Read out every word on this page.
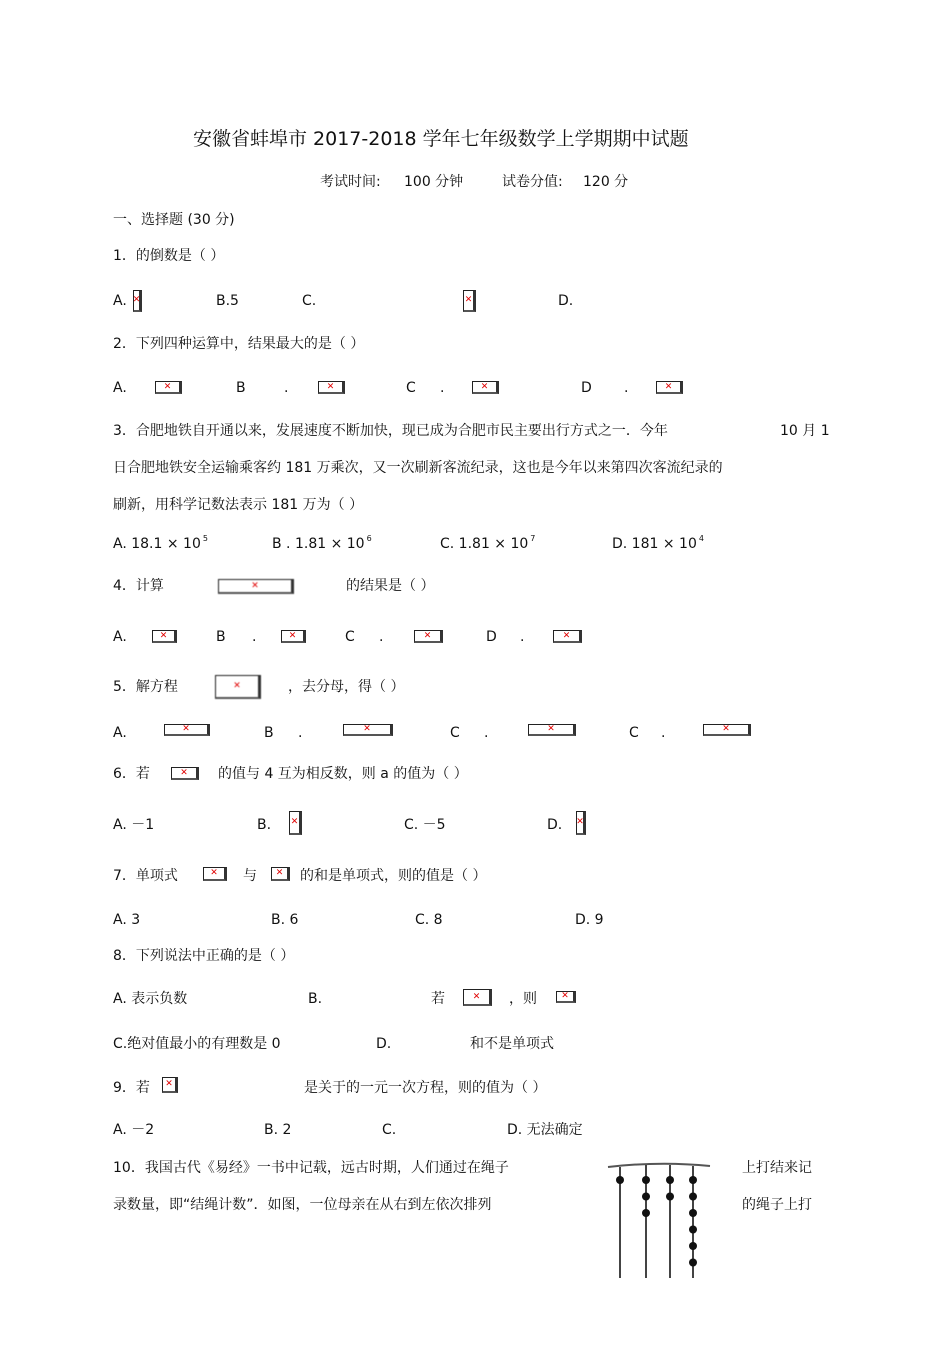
安徽省蚌埠市 2017-2018 学年七年级数学上学期期中试题
考试时间: 100 分钟	试卷分值: 120 分
一、选择题 (30 分)
1．的倒数是（ ）
A. ✕	B.5	C. ✕	D.
2．下列四种运算中，结果最大的是（ ）
A. ✕	B	. ✕	C . ✕	D .
✕
3．合肥地铁自开通以来，发展速度不断加快，现已成为合肥市民主要出行方式之一．今年	10 月 1
日合肥地铁安全运输乘客约 181 万乘次，又一次刷新客流纪录，这也是今年以来第四次客流纪录的
刷新，用科学记数法表示 181 万为（ ）
A. 18.1 × 10 $^5$	B . 1.81 × 10 $^6$	C. 1.81 × 10 $^7$	D. 181 × 10 $^4$
4．计算 ✕	的结果是（ ）
A. ✕	B . ✕	C . ✕	D .
✕
5．解方程 ✕	，去分母，得（ ）
A. ✕	B . ✕	C . ✕	C .
✕
6．若 ✕	的值与 4 互为相反数，则 a 的值为（ ）
A. －1	B. ✕	C. －5	D.
✕
7．单项式 ✕	与 ✕	的和是单项式，则的值是（ ）
A. 3	B. 6	C. 8	D. 9
8．下列说法中正确的是（ ）
A. 表示负数	B.	若 ✕	，则
✕
C.绝对值最小的有理数是 0	D.	和不是单项式
9．若 ✕	是关于的一元一次方程，则的值为（ ）
A. －2	B. 2	C.	D. 无法确定
10．我国古代《易经》一书中记载，远古时期，人们通过在绳子	上打结来记
录数量，即“结绳计数”．如图，一位母亲在从右到左依次排列	的绳子上打
